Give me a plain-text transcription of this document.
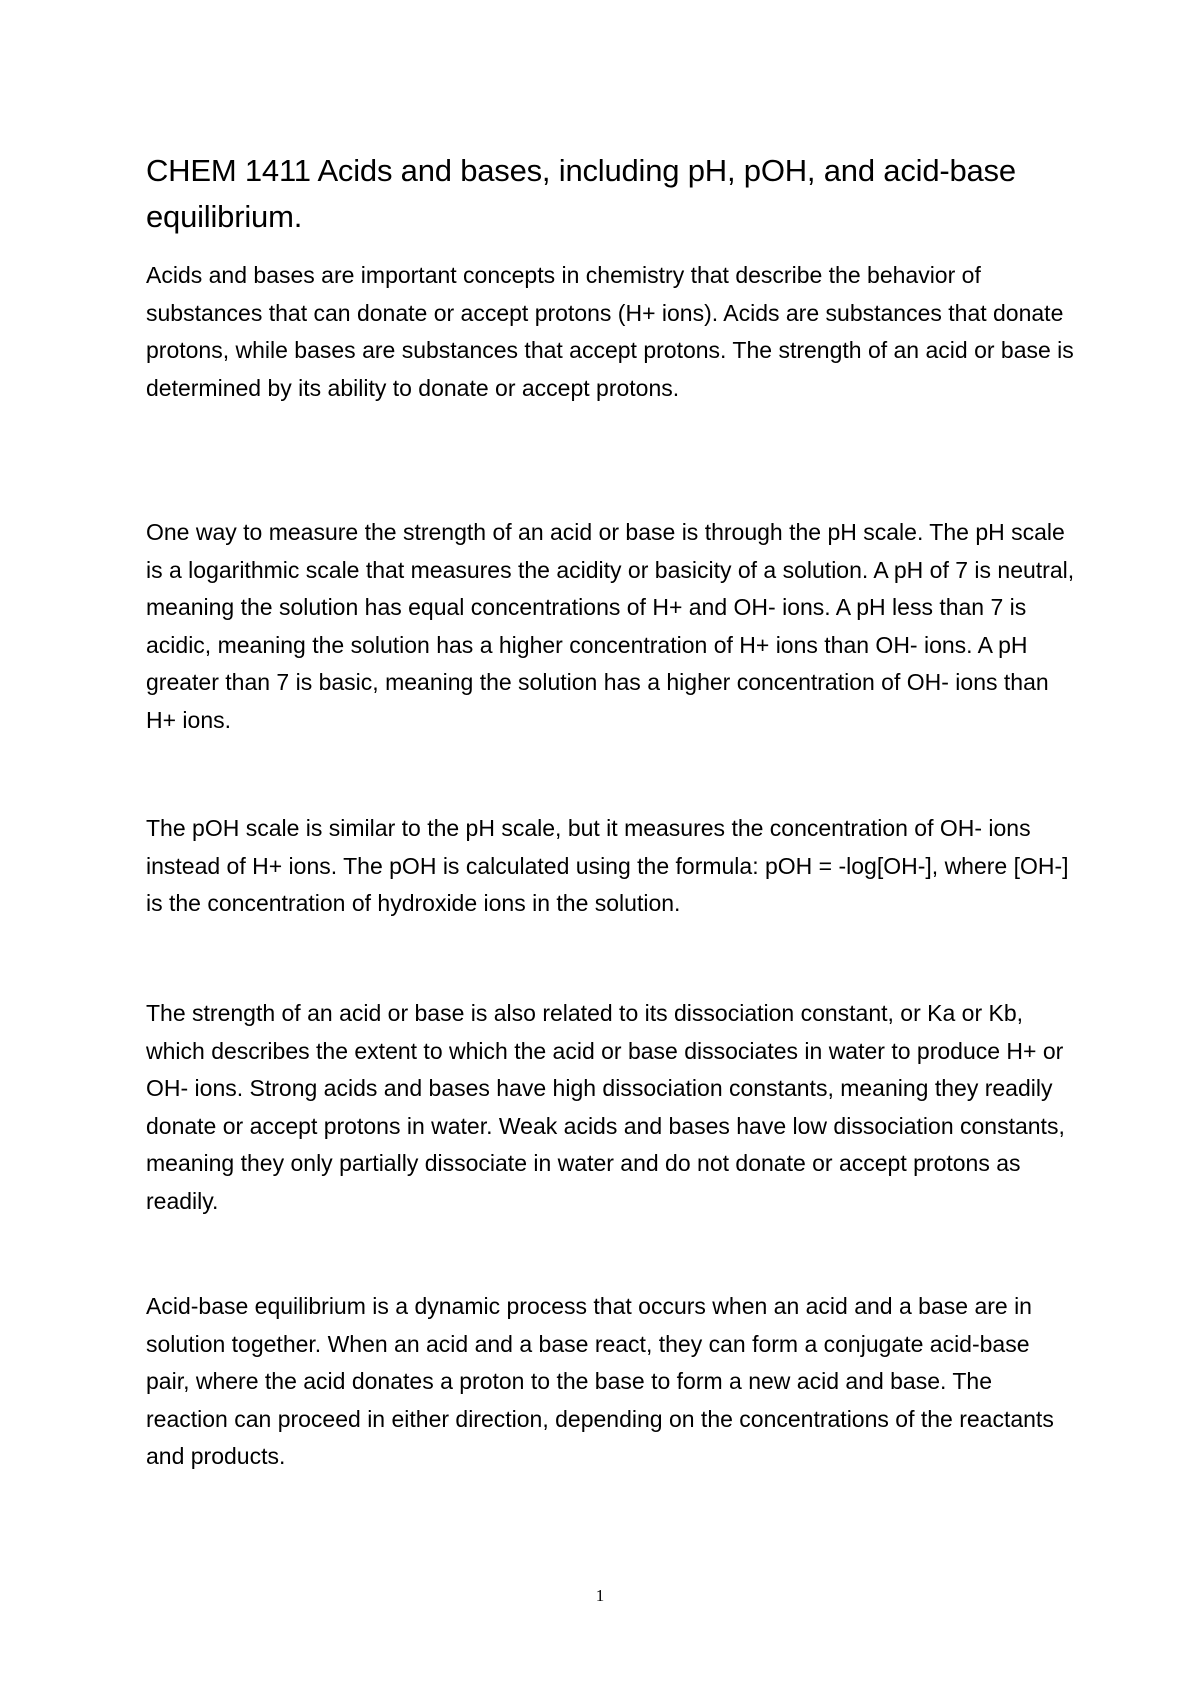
CHEM 1411 Acids and bases, including pH, pOH, and acid-base equilibrium.

Acids and bases are important concepts in chemistry that describe the behavior of substances that can donate or accept protons (H+ ions). Acids are substances that donate protons, while bases are substances that accept protons. The strength of an acid or base is determined by its ability to donate or accept protons.

One way to measure the strength of an acid or base is through the pH scale. The pH scale is a logarithmic scale that measures the acidity or basicity of a solution. A pH of 7 is neutral, meaning the solution has equal concentrations of H+ and OH- ions. A pH less than 7 is acidic, meaning the solution has a higher concentration of H+ ions than OH- ions. A pH greater than 7 is basic, meaning the solution has a higher concentration of OH- ions than H+ ions.

The pOH scale is similar to the pH scale, but it measures the concentration of OH- ions instead of H+ ions. The pOH is calculated using the formula: pOH = -log[OH-], where [OH-] is the concentration of hydroxide ions in the solution.

The strength of an acid or base is also related to its dissociation constant, or Ka or Kb, which describes the extent to which the acid or base dissociates in water to produce H+ or OH- ions. Strong acids and bases have high dissociation constants, meaning they readily donate or accept protons in water. Weak acids and bases have low dissociation constants, meaning they only partially dissociate in water and do not donate or accept protons as readily.

Acid-base equilibrium is a dynamic process that occurs when an acid and a base are in solution together. When an acid and a base react, they can form a conjugate acid-base pair, where the acid donates a proton to the base to form a new acid and base. The reaction can proceed in either direction, depending on the concentrations of the reactants and products.

1
